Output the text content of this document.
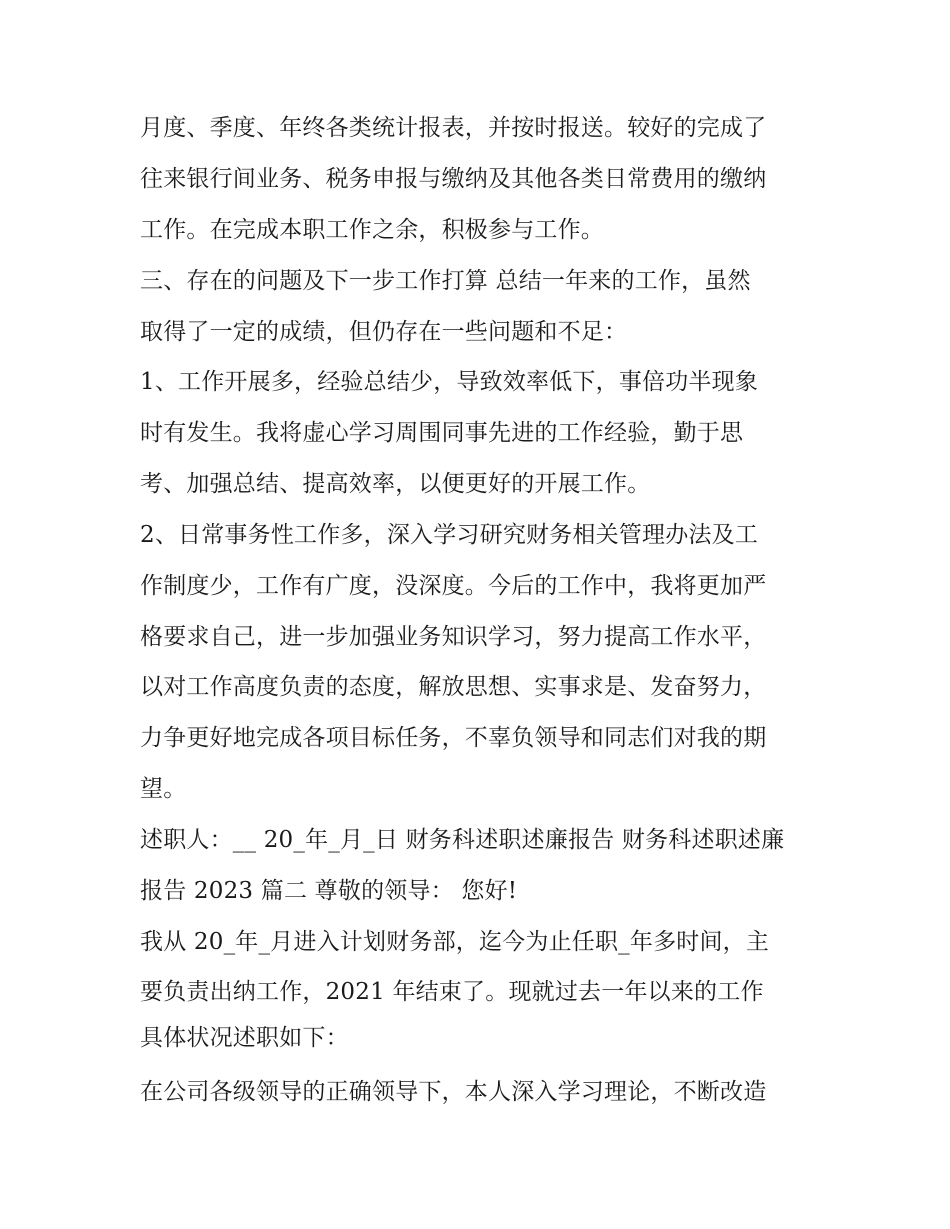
月度、季度、年终各类统计报表，并按时报送。较好的完成了
往来银行间业务、税务申报与缴纳及其他各类日常费用的缴纳
工作。在完成本职工作之余，积极参与工作。
三、存在的问题及下一步工作打算 总结一年来的工作，虽然
取得了一定的成绩，但仍存在一些问题和不足：
1、工作开展多，经验总结少，导致效率低下，事倍功半现象
时有发生。我将虚心学习周围同事先进的工作经验，勤于思
考、加强总结、提高效率，以便更好的开展工作。
2、日常事务性工作多，深入学习研究财务相关管理办法及工
作制度少，工作有广度，没深度。今后的工作中，我将更加严
格要求自己，进一步加强业务知识学习，努力提高工作水平，
以对工作高度负责的态度，解放思想、实事求是、发奋努力，
力争更好地完成各项目标任务，不辜负领导和同志们对我的期
望。
述职人：__ 20_年_月_日 财务科述职述廉报告 财务科述职述廉
报告 2023 篇二 尊敬的领导： 您好!
我从 20_年_月进入计划财务部，迄今为止任职_年多时间，主
要负责出纳工作，2021 年结束了。现就过去一年以来的工作
具体状况述职如下：
在公司各级领导的正确领导下，本人深入学习理论，不断改造
